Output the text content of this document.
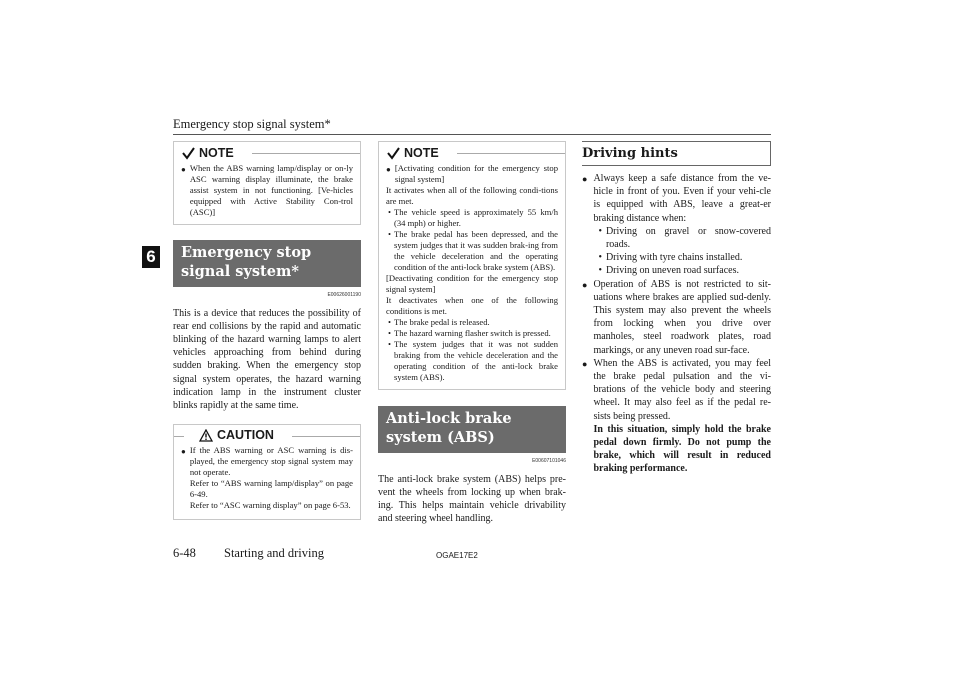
Emergency stop signal system*
6
NOTE
● When the ABS warning lamp/display or on-ly ASC warning display illuminate, the brake assist system in not functioning. [Ve-hicles equipped with Active Stability Con-trol (ASC)]
Emergency stop signal system*
E00626001190
This is a device that reduces the possibility of rear end collisions by the rapid and automatic blinking of the hazard warning lamps to alert vehicles approaching from behind during sudden braking. When the emergency stop signal system operates, the hazard warning indication lamp in the instrument cluster blinks rapidly at the same time.
CAUTION
● If the ABS warning or ASC warning is dis-played, the emergency stop signal system may not operate.
Refer to “ABS warning lamp/display” on page 6-49.
Refer to “ASC warning display” on page 6-53.
NOTE
● [Activating condition for the emergency stop signal system]
It activates when all of the following condi-tions are met.
• The vehicle speed is approximately 55 km/h (34 mph) or higher.
• The brake pedal has been depressed, and the system judges that it was sudden brak-ing from the vehicle deceleration and the operating condition of the anti-lock brake system (ABS).
[Deactivating condition for the emergency stop signal system]
It deactivates when one of the following conditions is met.
• The brake pedal is released.
• The hazard warning flasher switch is pressed.
• The system judges that it was not sudden braking from the vehicle deceleration and the operating condition of the anti-lock brake system (ABS).
Anti-lock brake system (ABS)
E00607101046
The anti-lock brake system (ABS) helps pre-vent the wheels from locking up when brak-ing. This helps maintain vehicle drivability and steering wheel handling.
Driving hints
● Always keep a safe distance from the ve-hicle in front of you. Even if your vehi-cle is equipped with ABS, leave a great-er braking distance when:
• Driving on gravel or snow-covered roads.
• Driving with tyre chains installed.
• Driving on uneven road surfaces.
● Operation of ABS is not restricted to sit-uations where brakes are applied sud-denly. This system may also prevent the wheels from locking when you drive over manholes, steel roadwork plates, road markings, or any uneven road sur-face.
● When the ABS is activated, you may feel the brake pedal pulsation and the vi-brations of the vehicle body and steering wheel. It may also feel as if the pedal re-sists being pressed.
In this situation, simply hold the brake pedal down firmly. Do not pump the brake, which will result in reduced braking performance.
6-48 Starting and driving	OGAE17E2
